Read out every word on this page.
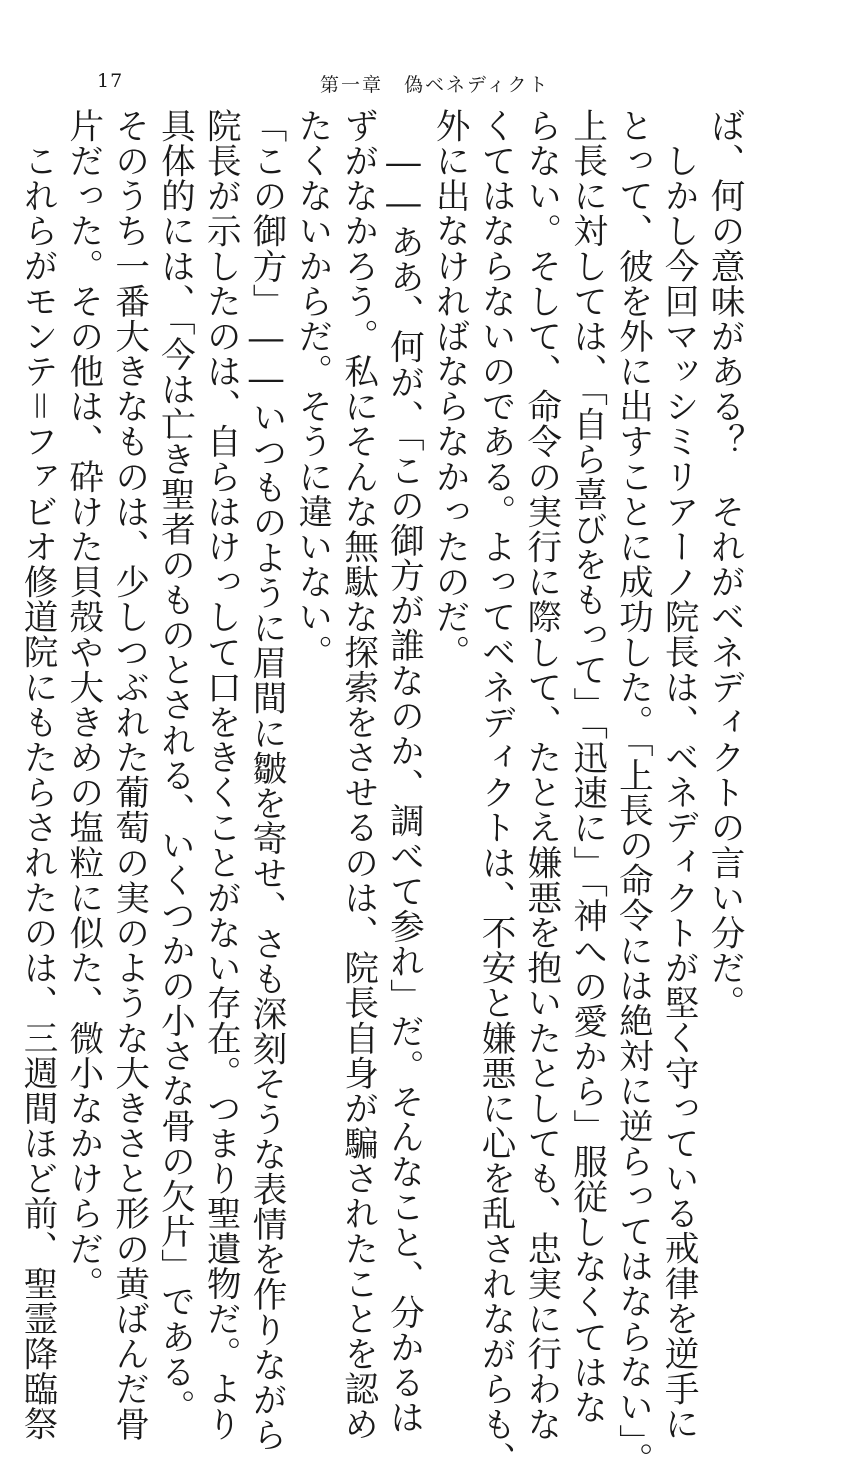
17	第一章　偽ベネディクト
ば、何の意味がある？　それがベネディクトの言い分だ。
しかし今回マッシミリアーノ院長は、ベネディクトが堅く守っている戒律を逆手に
とって、彼を外に出すことに成功した。「上長の命令には絶対に逆らってはならない」。
上長に対しては、「自ら喜びをもって」「迅速に」「神への愛から」服従しなくてはな
らない。そして、命令の実行に際して、たとえ嫌悪を抱いたとしても、忠実に行わな
くてはならないのである。よってベネディクトは、不安と嫌悪に心を乱されながらも、
外に出なければならなかったのだ。
――ああ、何が、「この御方が誰なのか、調べて参れ」だ。そんなこと、分かるは
ずがなかろう。私にそんな無駄な探索をさせるのは、院長自身が騙されたことを認め
たくないからだ。そうに違いない。
「この御方」――いつものように眉間に皺を寄せ、さも深刻そうな表情を作りながら
院長が示したのは、自らはけっして口をきくことがない存在。つまり聖遺物だ。より
具体的には、「今は亡き聖者のものとされる、いくつかの小さな骨の欠片」である。
そのうち一番大きなものは、少しつぶれた葡萄の実のような大きさと形の黄ばんだ骨
片だった。その他は、砕けた貝殻や大きめの塩粒に似た、微小なかけらだ。
これらがモンテ＝ファビオ修道院にもたらされたのは、三週間ほど前、聖霊降臨祭
